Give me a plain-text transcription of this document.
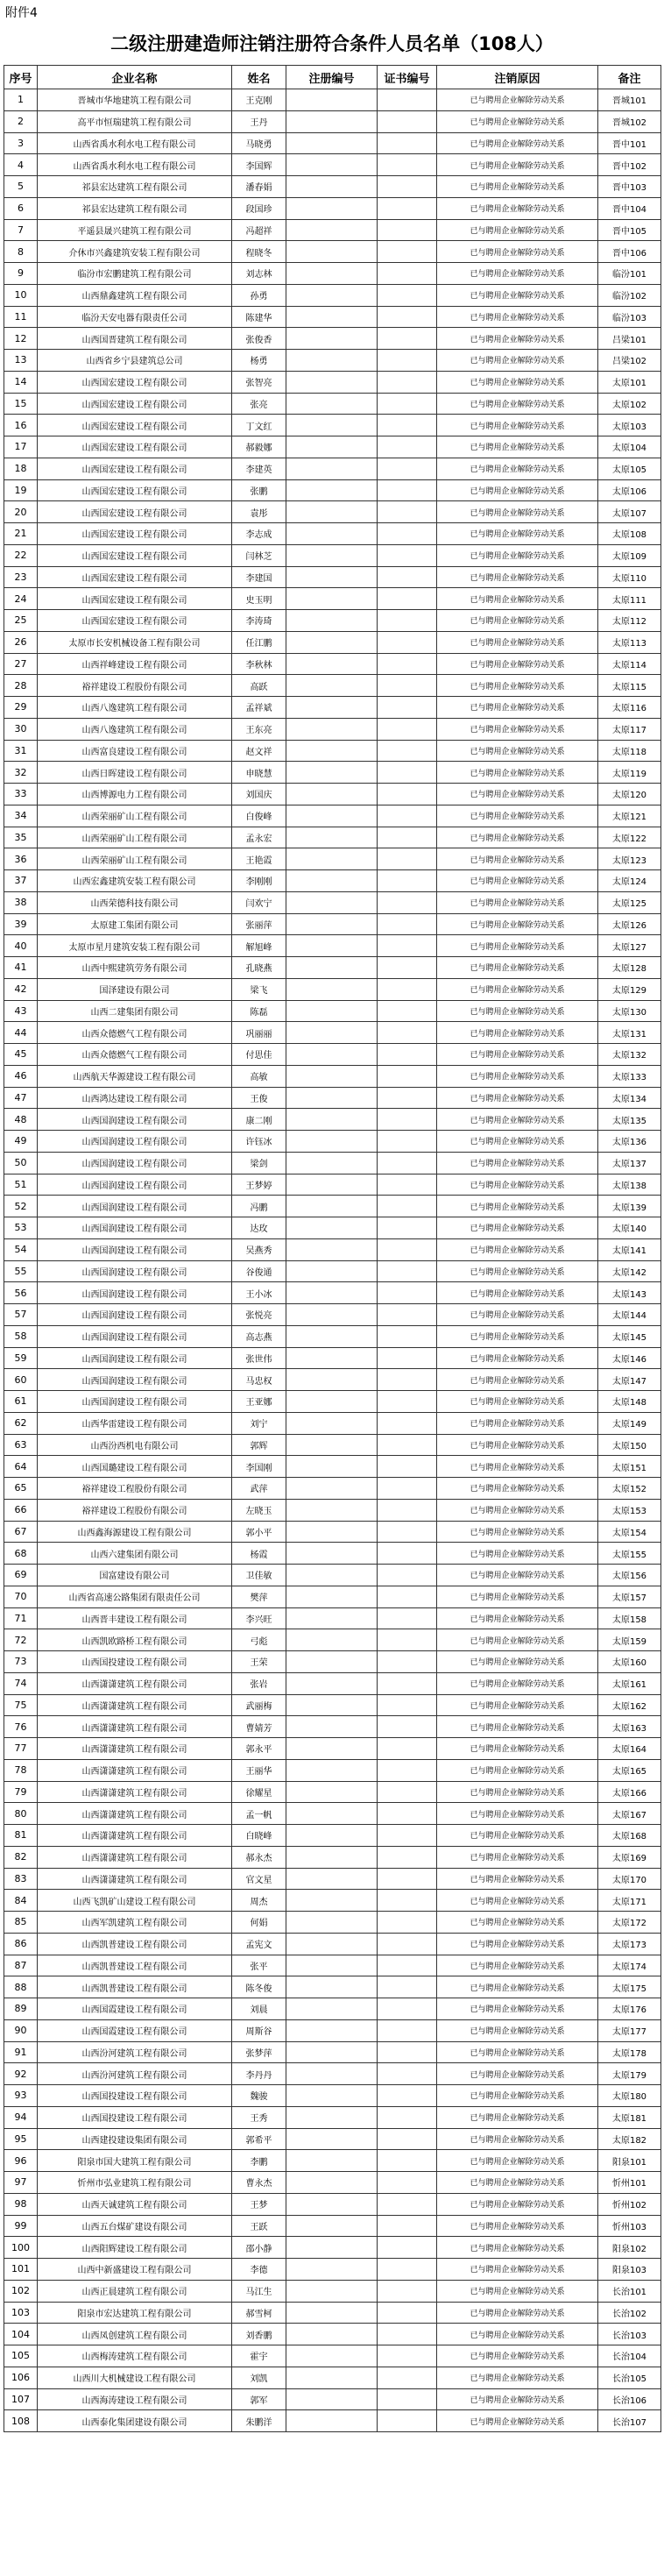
附件4
二级注册建造师注销注册符合条件人员名单（108人）
序号	企业名称	姓名	注册编号	证书编号	注销原因	备注
1	晋城市华地建筑工程有限公司	王克刚			已与聘用企业解除劳动关系	晋城101
2	高平市恒瑞建筑工程有限公司	王丹			已与聘用企业解除劳动关系	晋城102
3	山西省禹水利水电工程有限公司	马晓勇			已与聘用企业解除劳动关系	晋中101
4	山西省禹水利水电工程有限公司	李国辉			已与聘用企业解除劳动关系	晋中102
5	祁县宏达建筑工程有限公司	潘春娟			已与聘用企业解除劳动关系	晋中103
6	祁县宏达建筑工程有限公司	段国珍			已与聘用企业解除劳动关系	晋中104
7	平遥县晟兴建筑工程有限公司	冯超祥			已与聘用企业解除劳动关系	晋中105
8	介休市兴鑫建筑安装工程有限公司	程晓冬			已与聘用企业解除劳动关系	晋中106
9	临汾市宏鹏建筑工程有限公司	刘志林			已与聘用企业解除劳动关系	临汾101
10	山西鼎鑫建筑工程有限公司	孙勇			已与聘用企业解除劳动关系	临汾102
11	临汾天安电器有限责任公司	陈建华			已与聘用企业解除劳动关系	临汾103
12	山西国晋建筑工程有限公司	张俊香			已与聘用企业解除劳动关系	吕梁101
13	山西省乡宁县建筑总公司	杨勇			已与聘用企业解除劳动关系	吕梁102
14	山西国宏建设工程有限公司	张智亮			已与聘用企业解除劳动关系	太原101
15	山西国宏建设工程有限公司	张亮			已与聘用企业解除劳动关系	太原102
16	山西国宏建设工程有限公司	丁文红			已与聘用企业解除劳动关系	太原103
17	山西国宏建设工程有限公司	郝毅娜			已与聘用企业解除劳动关系	太原104
18	山西国宏建设工程有限公司	李建英			已与聘用企业解除劳动关系	太原105
19	山西国宏建设工程有限公司	张鹏			已与聘用企业解除劳动关系	太原106
20	山西国宏建设工程有限公司	袁彤			已与聘用企业解除劳动关系	太原107
21	山西国宏建设工程有限公司	李志成			已与聘用企业解除劳动关系	太原108
22	山西国宏建设工程有限公司	闫林芝			已与聘用企业解除劳动关系	太原109
23	山西国宏建设工程有限公司	李建国			已与聘用企业解除劳动关系	太原110
24	山西国宏建设工程有限公司	史玉明			已与聘用企业解除劳动关系	太原111
25	山西国宏建设工程有限公司	李涛琦			已与聘用企业解除劳动关系	太原112
26	太原市长安机械设备工程有限公司	任江鹏			已与聘用企业解除劳动关系	太原113
27	山西祥峰建设工程有限公司	李秋林			已与聘用企业解除劳动关系	太原114
28	裕祥建设工程股份有限公司	高跃			已与聘用企业解除劳动关系	太原115
29	山西八逸建筑工程有限公司	孟祥斌			已与聘用企业解除劳动关系	太原116
30	山西八逸建筑工程有限公司	王东亮			已与聘用企业解除劳动关系	太原117
31	山西富良建设工程有限公司	赵文祥			已与聘用企业解除劳动关系	太原118
32	山西日晖建设工程有限公司	申晓慧			已与聘用企业解除劳动关系	太原119
33	山西博源电力工程有限公司	刘国庆			已与聘用企业解除劳动关系	太原120
34	山西荣丽矿山工程有限公司	白俊峰			已与聘用企业解除劳动关系	太原121
35	山西荣丽矿山工程有限公司	孟永宏			已与聘用企业解除劳动关系	太原122
36	山西荣丽矿山工程有限公司	王艳霞			已与聘用企业解除劳动关系	太原123
37	山西宏鑫建筑安装工程有限公司	李刚刚			已与聘用企业解除劳动关系	太原124
38	山西荣德科技有限公司	闫欢宁			已与聘用企业解除劳动关系	太原125
39	太原建工集团有限公司	张丽萍			已与聘用企业解除劳动关系	太原126
40	太原市星月建筑安装工程有限公司	解旭峰			已与聘用企业解除劳动关系	太原127
41	山西中熙建筑劳务有限公司	孔晓燕			已与聘用企业解除劳动关系	太原128
42	国泽建设有限公司	梁飞			已与聘用企业解除劳动关系	太原129
43	山西二建集团有限公司	陈磊			已与聘用企业解除劳动关系	太原130
44	山西众德燃气工程有限公司	巩丽丽			已与聘用企业解除劳动关系	太原131
45	山西众德燃气工程有限公司	付思佳			已与聘用企业解除劳动关系	太原132
46	山西航天华源建设工程有限公司	高敏			已与聘用企业解除劳动关系	太原133
47	山西鸿达建设工程有限公司	王俊			已与聘用企业解除劳动关系	太原134
48	山西国润建设工程有限公司	康二刚			已与聘用企业解除劳动关系	太原135
49	山西国润建设工程有限公司	许钰冰			已与聘用企业解除劳动关系	太原136
50	山西国润建设工程有限公司	梁剑			已与聘用企业解除劳动关系	太原137
51	山西国润建设工程有限公司	王梦婷			已与聘用企业解除劳动关系	太原138
52	山西国润建设工程有限公司	冯鹏			已与聘用企业解除劳动关系	太原139
53	山西国润建设工程有限公司	达玫			已与聘用企业解除劳动关系	太原140
54	山西国润建设工程有限公司	吴燕秀			已与聘用企业解除劳动关系	太原141
55	山西国润建设工程有限公司	谷俊通			已与聘用企业解除劳动关系	太原142
56	山西国润建设工程有限公司	王小冰			已与聘用企业解除劳动关系	太原143
57	山西国润建设工程有限公司	张悦亮			已与聘用企业解除劳动关系	太原144
58	山西国润建设工程有限公司	高志燕			已与聘用企业解除劳动关系	太原145
59	山西国润建设工程有限公司	张世伟			已与聘用企业解除劳动关系	太原146
60	山西国润建设工程有限公司	马忠权			已与聘用企业解除劳动关系	太原147
61	山西国润建设工程有限公司	王亚娜			已与聘用企业解除劳动关系	太原148
62	山西华雷建设工程有限公司	刘宁			已与聘用企业解除劳动关系	太原149
63	山西汾西机电有限公司	郭辉			已与聘用企业解除劳动关系	太原150
64	山西国璐建设工程有限公司	李国刚			已与聘用企业解除劳动关系	太原151
65	裕祥建设工程股份有限公司	武萍			已与聘用企业解除劳动关系	太原152
66	裕祥建设工程股份有限公司	左晓玉			已与聘用企业解除劳动关系	太原153
67	山西鑫海源建设工程有限公司	郭小平			已与聘用企业解除劳动关系	太原154
68	山西六建集团有限公司	杨霞			已与聘用企业解除劳动关系	太原155
69	国富建设有限公司	卫佳敏			已与聘用企业解除劳动关系	太原156
70	山西省高速公路集团有限责任公司	樊萍			已与聘用企业解除劳动关系	太原157
71	山西晋丰建设工程有限公司	李兴旺			已与聘用企业解除劳动关系	太原158
72	山西凯欧路桥工程有限公司	弓彪			已与聘用企业解除劳动关系	太原159
73	山西国投建设工程有限公司	王荣			已与聘用企业解除劳动关系	太原160
74	山西潇潇建筑工程有限公司	张岩			已与聘用企业解除劳动关系	太原161
75	山西潇潇建筑工程有限公司	武丽梅			已与聘用企业解除劳动关系	太原162
76	山西潇潇建筑工程有限公司	曹婧芳			已与聘用企业解除劳动关系	太原163
77	山西潇潇建筑工程有限公司	郭永平			已与聘用企业解除劳动关系	太原164
78	山西潇潇建筑工程有限公司	王丽华			已与聘用企业解除劳动关系	太原165
79	山西潇潇建筑工程有限公司	徐耀星			已与聘用企业解除劳动关系	太原166
80	山西潇潇建筑工程有限公司	孟一帆			已与聘用企业解除劳动关系	太原167
81	山西潇潇建筑工程有限公司	白晓峰			已与聘用企业解除劳动关系	太原168
82	山西潇潇建筑工程有限公司	郝永杰			已与聘用企业解除劳动关系	太原169
83	山西潇潇建筑工程有限公司	官文星			已与聘用企业解除劳动关系	太原170
84	山西飞凯矿山建设工程有限公司	周杰			已与聘用企业解除劳动关系	太原171
85	山西军凯建筑工程有限公司	何娟			已与聘用企业解除劳动关系	太原172
86	山西凯普建设工程有限公司	孟宪文			已与聘用企业解除劳动关系	太原173
87	山西凯普建设工程有限公司	张平			已与聘用企业解除劳动关系	太原174
88	山西凯普建设工程有限公司	陈冬俊			已与聘用企业解除劳动关系	太原175
89	山西国霞建设工程有限公司	刘晨			已与聘用企业解除劳动关系	太原176
90	山西国霞建设工程有限公司	周斯谷			已与聘用企业解除劳动关系	太原177
91	山西汾河建筑工程有限公司	张梦萍			已与聘用企业解除劳动关系	太原178
92	山西汾河建筑工程有限公司	李丹丹			已与聘用企业解除劳动关系	太原179
93	山西国投建设工程有限公司	魏骏			已与聘用企业解除劳动关系	太原180
94	山西国投建设工程有限公司	王秀			已与聘用企业解除劳动关系	太原181
95	山西建投建设集团有限公司	郭希平			已与聘用企业解除劳动关系	太原182
96	阳泉市国大建筑工程有限公司	李鹏			已与聘用企业解除劳动关系	阳泉101
97	忻州市弘业建筑工程有限公司	曹永杰			已与聘用企业解除劳动关系	忻州101
98	山西天诚建筑工程有限公司	王梦			已与聘用企业解除劳动关系	忻州102
99	山西五台煤矿建设有限公司	王跃			已与聘用企业解除劳动关系	忻州103
100	山西阳辉建设工程有限公司	邵小静			已与聘用企业解除劳动关系	阳泉102
101	山西中新盛建设工程有限公司	李德			已与聘用企业解除劳动关系	阳泉103
102	山西正晨建筑工程有限公司	马江生			已与聘用企业解除劳动关系	长治101
103	阳泉市宏达建筑工程有限公司	郝雪柯			已与聘用企业解除劳动关系	长治102
104	山西凤创建筑工程有限公司	刘香鹏			已与聘用企业解除劳动关系	长治103
105	山西梅涛建筑工程有限公司	霍宇			已与聘用企业解除劳动关系	长治104
106	山西川大机械建设工程有限公司	刘凯			已与聘用企业解除劳动关系	长治105
107	山西海涛建设工程有限公司	郭军			已与聘用企业解除劳动关系	长治106
108	山西泰化集团建设有限公司	朱鹏洋			已与聘用企业解除劳动关系	长治107
